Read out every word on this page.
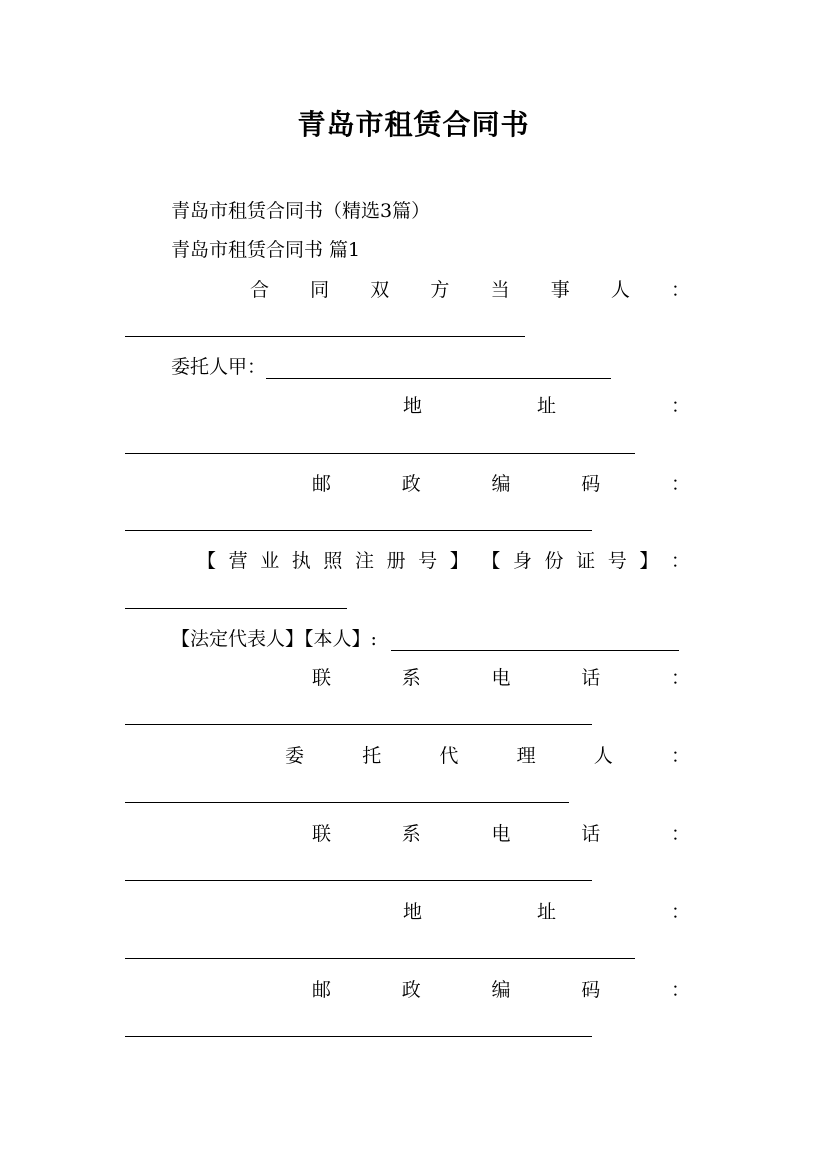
青岛市租赁合同书
青岛市租赁合同书（精选3篇）
青岛市租赁合同书 篇1
合 同 双 方 当 事 人 ：
委托人甲：
地	址	：
邮	政	编	码	：
【 营 业 执 照 注 册 号 】 【 身 份 证 号 】 ：
【法定代表人】【本人】:
联	系	电	话	：
委	托	代	理	人	：
联	系	电	话	：
地	址	：
邮	政	编	码	：
